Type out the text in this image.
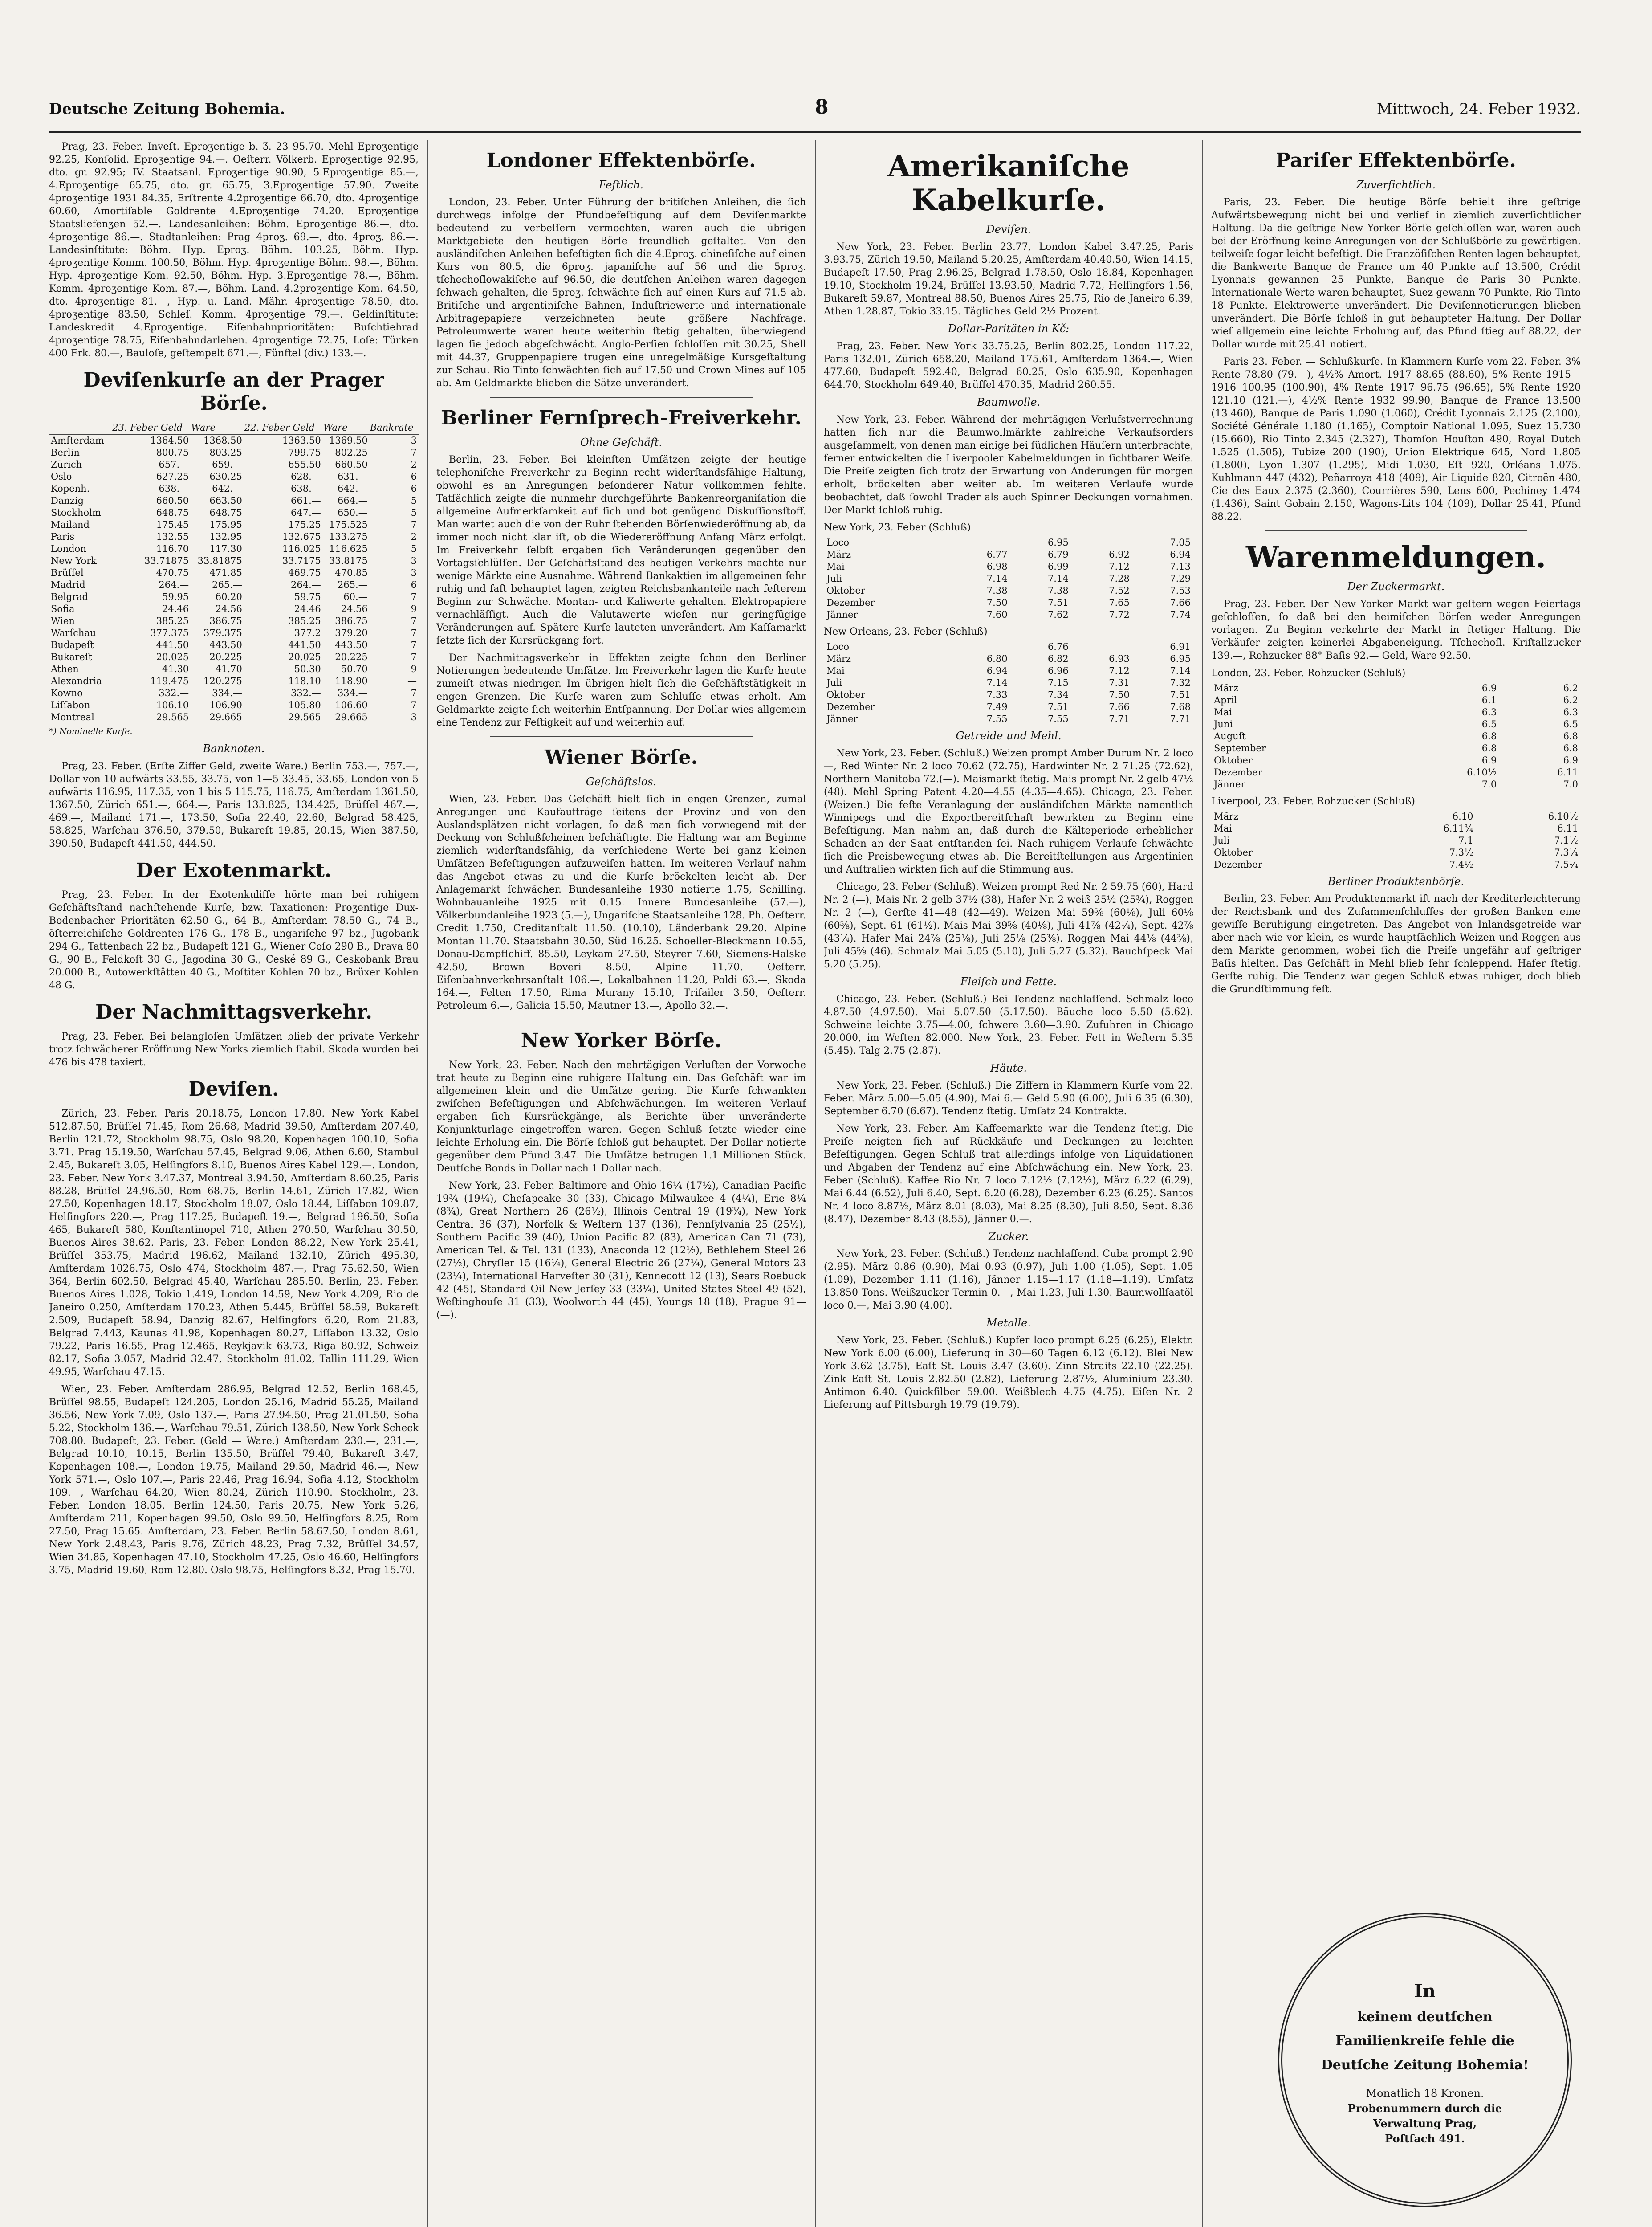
Deutsche Zeitung Bohemia.	8	Mittwoch, 24. Feber 1932.

Prag, 23. Feber. Inveſt. Eproʒentige b. Ʒ. 23 95.70. Mehl Eproʒentige 92.25, Konſolid. Eproʒentige 94.—. Oeſterr. Völkerb. Eproʒentige 92.95, dto. gr. 92.95; IV. Staatsanl. Eproʒentige 90.90, 5.Eproʒentige 85.—, 4.Eproʒentige 65.75, dto. gr. 65.75, 3.Eproʒentige 57.90. Zweite 4proʒentige 1931 84.35, Erſtrente 4.2proʒentige 66.70, dto. 4proʒentige 60.60, Amortiſable Goldrente 4.Eproʒentige 74.20. Eproʒentige Staatsliefenʒen 52.—. Landesanleihen: Böhm. Eproʒentige 86.—, dto. 4proʒentige 86.—. Stadtanleihen: Prag 4proʒ. 69.—, dto. 4proʒ. 86.—. Landesinſtitute: Böhm. Hyp. Eproʒ. Böhm. 103.25, Böhm. Hyp. 4proʒentige Komm. 100.50, Böhm. Hyp. 4proʒentige Böhm. 98.—, Böhm. Hyp. 4proʒentige Kom. 92.50, Böhm. Hyp. 3.Eproʒentige 78.—, Böhm. Komm. 4proʒentige Kom. 87.—, Böhm. Land. 4.2proʒentige Kom. 64.50, dto. 4proʒentige 81.—, Hyp. u. Land. Mähr. 4proʒentige 78.50, dto. 4proʒentige 83.50, Schleſ. Komm. 4proʒentige 79.—. Geldinſtitute: Landeskredit 4.Eproʒentige. Eiſenbahnprioritäten: Buſchtiehrad 4proʒentige 78.75, Eiſenbahndarlehen. 4proʒentige 72.75, Loſe: Türken 400 Frk. 80.—, Bauloſe, geſtempelt 671.—, Fünftel (div.) 133.—.

Deviſenkurſe an der Prager Börſe.
	23. Feber Geld	Ware	22. Feber Geld	Ware	Bankrate
Amſterdam	1364.50	1368.50	1363.50	1369.50	3
Berlin	800.75	803.25	799.75	802.25	7
Zürich	657.—	659.—	655.50	660.50	2
Oslo	627.25	630.25	628.—	631.—	6
Kopenh.	638.—	642.—	638.—	642.—	6
Danzig	660.50	663.50	661.—	664.—	5
Stockholm	648.75	648.75	647.—	650.—	5
Mailand	175.45	175.95	175.25	175.525	7
Paris	132.55	132.95	132.675	133.275	2
London	116.70	117.30	116.025	116.625	5
New York	33.71875	33.81875	33.7175	33.8175	3
Brüſſel	470.75	471.85	469.75	470.85	3
Madrid	264.—	265.—	264.—	265.—	6
Belgrad	59.95	60.20	59.75	60.—	7
Sofia	24.46	24.56	24.46	24.56	9
Wien	385.25	386.75	385.25	386.75	7
Warſchau	377.375	379.375	377.2	379.20	7
Budapeſt	441.50	443.50	441.50	443.50	7
Bukareſt	20.025	20.225	20.025	20.225	7
Athen	41.30	41.70	50.30	50.70	9
Alexandria	119.475	120.275	118.10	118.90	—
Kowno	332.—	334.—	332.—	334.—	7
Liſſabon	106.10	106.90	105.80	106.60	7
Montreal	29.565	29.665	29.565	29.665	3
*) Nominelle Kurſe.
Banknoten.

Prag, 23. Feber. (Erſte Ziffer Geld, zweite Ware.) Berlin 753.—, 757.—, Dollar von 10 aufwärts 33.55, 33.75, von 1—5 33.45, 33.65, London von 5 aufwärts 116.95, 117.35, von 1 bis 5 115.75, 116.75, Amſterdam 1361.50, 1367.50, Zürich 651.—, 664.—, Paris 133.825, 134.425, Brüſſel 467.—, 469.—, Mailand 171.—, 173.50, Sofia 22.40, 22.60, Belgrad 58.425, 58.825, Warſchau 376.50, 379.50, Bukareſt 19.85, 20.15, Wien 387.50, 390.50, Budapeſt 441.50, 444.50.

Der Exotenmarkt.

Prag, 23. Feber. In der Exotenkuliſſe hörte man bei ruhigem Geſchäftsſtand nachſtehende Kurſe, bzw. Taxationen: Proʒentige Dux-Bodenbacher Prioritäten 62.50 G., 64 B., Amſterdam 78.50 G., 74 B., öſterreichiſche Goldrenten 176 G., 178 B., ungariſche 97 bz., Jugobank 294 G., Tattenbach 22 bz., Budapeſt 121 G., Wiener Coſo 290 B., Drava 80 G., 90 B., Feldkoſt 30 G., Jagodina 30 G., Ceské 89 G., Ceskobank Brau 20.000 B., Autowerkſtätten 40 G., Moſtiter Kohlen 70 bz., Brüxer Kohlen 48 G.

Der Nachmittagsverkehr.

Prag, 23. Feber. Bei belangloſen Umſätzen blieb der private Verkehr trotz ſchwächerer Eröffnung New Yorks ziemlich ſtabil. Skoda wurden bei 476 bis 478 taxiert.

Deviſen.

Zürich, 23. Feber. Paris 20.18.75, London 17.80. New York Kabel 512.87.50, Brüſſel 71.45, Rom 26.68, Madrid 39.50, Amſterdam 207.40, Berlin 121.72, Stockholm 98.75, Oslo 98.20, Kopenhagen 100.10, Sofia 3.71. Prag 15.19.50, Warſchau 57.45, Belgrad 9.06, Athen 6.60, Stambul 2.45, Bukareſt 3.05, Helſingfors 8.10, Buenos Aires Kabel 129.—. London, 23. Feber. New York 3.47.37, Montreal 3.94.50, Amſterdam 8.60.25, Paris 88.28, Brüſſel 24.96.50, Rom 68.75, Berlin 14.61, Zürich 17.82, Wien 27.50, Kopenhagen 18.17, Stockholm 18.07, Oslo 18.44, Liſſabon 109.87, Helſingfors 220.—, Prag 117.25, Budapeſt 19.—, Belgrad 196.50, Sofia 465, Bukareſt 580, Konſtantinopel 710, Athen 270.50, Warſchau 30.50, Buenos Aires 38.62. Paris, 23. Feber. London 88.22, New York 25.41, Brüſſel 353.75, Madrid 196.62, Mailand 132.10, Zürich 495.30, Amſterdam 1026.75, Oslo 474, Stockholm 487.—, Prag 75.62.50, Wien 364, Berlin 602.50, Belgrad 45.40, Warſchau 285.50. Berlin, 23. Feber. Buenos Aires 1.028, Tokio 1.419, London 14.59, New York 4.209, Rio de Janeiro 0.250, Amſterdam 170.23, Athen 5.445, Brüſſel 58.59, Bukareſt 2.509, Budapeſt 58.94, Danzig 82.67, Helſingfors 6.20, Rom 21.83, Belgrad 7.443, Kaunas 41.98, Kopenhagen 80.27, Liſſabon 13.32, Oslo 79.22, Paris 16.55, Prag 12.465, Reykjavik 63.73, Riga 80.92, Schweiz 82.17, Sofia 3.057, Madrid 32.47, Stockholm 81.02, Tallin 111.29, Wien 49.95, Warſchau 47.15.

Wien, 23. Feber. Amſterdam 286.95, Belgrad 12.52, Berlin 168.45, Brüſſel 98.55, Budapeſt 124.205, London 25.16, Madrid 55.25, Mailand 36.56, New York 7.09, Oslo 137.—, Paris 27.94.50, Prag 21.01.50, Sofia 5.22, Stockholm 136.—, Warſchau 79.51, Zürich 138.50, New York Scheck 708.80. Budapeſt, 23. Feber. (Geld — Ware.) Amſterdam 230.—, 231.—, Belgrad 10.10, 10.15, Berlin 135.50, Brüſſel 79.40, Bukareſt 3.47, Kopenhagen 108.—, London 19.75, Mailand 29.50, Madrid 46.—, New York 571.—, Oslo 107.—, Paris 22.46, Prag 16.94, Sofia 4.12, Stockholm 109.—, Warſchau 64.20, Wien 80.24, Zürich 110.90. Stockholm, 23. Feber. London 18.05, Berlin 124.50, Paris 20.75, New York 5.26, Amſterdam 211, Kopenhagen 99.50, Oslo 99.50, Helſingfors 8.25, Rom 27.50, Prag 15.65. Amſterdam, 23. Feber. Berlin 58.67.50, London 8.61, New York 2.48.43, Paris 9.76, Zürich 48.23, Prag 7.32, Brüſſel 34.57, Wien 34.85, Kopenhagen 47.10, Stockholm 47.25, Oslo 46.60, Helſingfors 3.75, Madrid 19.60, Rom 12.80. Oslo 98.75, Helſingfors 8.32, Prag 15.70.

Londoner Effektenbörſe.
Feſtlich.

London, 23. Feber. Unter Führung der britiſchen Anleihen, die ſich durchwegs infolge der Pfundbefeſtigung auf dem Deviſenmarkte bedeutend zu verbeſſern vermochten, waren auch die übrigen Marktgebiete den heutigen Börſe freundlich geſtaltet. Von den ausländiſchen Anleihen befeſtigten ſich die 4.Eproʒ. chineſiſche auf einen Kurs von 80.5, die 6proʒ. japaniſche auf 56 und die 5proʒ. tſchechoſlowakiſche auf 96.50, die deutſchen Anleihen waren dagegen ſchwach gehalten, die 5proʒ. ſchwächte ſich auf einen Kurs auf 71.5 ab. Britiſche und argentiniſche Bahnen, Induſtriewerte und internationale Arbitragepapiere verzeichneten heute größere Nachfrage. Petroleumwerte waren heute weiterhin ſtetig gehalten, überwiegend lagen ſie jedoch abgeſchwächt. Anglo-Perſien ſchloſſen mit 30.25, Shell mit 44.37, Gruppenpapiere trugen eine unregelmäßige Kursgeſtaltung zur Schau. Rio Tinto ſchwächten ſich auf 17.50 und Crown Mines auf 105 ab. Am Geldmarkte blieben die Sätze unverändert.

Berliner Fernſprech-Freiverkehr.
Ohne Geſchäft.

Berlin, 23. Feber. Bei kleinſten Umſätzen zeigte der heutige telephoniſche Freiverkehr zu Beginn recht widerſtandsfähige Haltung, obwohl es an Anregungen beſonderer Natur vollkommen fehlte. Tatſächlich zeigte die nunmehr durchgeführte Bankenreorganiſation die allgemeine Aufmerkſamkeit auf ſich und bot genügend Diskuſſionsſtoff. Man wartet auch die von der Ruhr ſtehenden Börſenwiederöffnung ab, da immer noch nicht klar iſt, ob die Wiedereröffnung Anfang März erfolgt. Im Freiverkehr ſelbſt ergaben ſich Veränderungen gegenüber den Vortagsſchlüſſen. Der Geſchäftsſtand des heutigen Verkehrs machte nur wenige Märkte eine Ausnahme. Während Bankaktien im allgemeinen ſehr ruhig und faſt behauptet lagen, zeigten Reichsbankanteile nach feſterem Beginn zur Schwäche. Montan- und Kaliwerte gehalten. Elektropapiere vernachläſſigt. Auch die Valutawerte wieſen nur geringfügige Veränderungen auf. Spätere Kurſe lauteten unverändert. Am Kaſſamarkt ſetzte ſich der Kursrückgang fort.

Der Nachmittagsverkehr in Effekten zeigte ſchon den Berliner Notierungen bedeutende Umſätze. Im Freiverkehr lagen die Kurſe heute zumeiſt etwas niedriger. Im übrigen hielt ſich die Geſchäftstätigkeit in engen Grenzen. Die Kurſe waren zum Schluſſe etwas erholt. Am Geldmarkte zeigte ſich weiterhin Entſpannung. Der Dollar wies allgemein eine Tendenz zur Feſtigkeit auf und weiterhin auf.

Wiener Börſe.
Geſchäftslos.

Wien, 23. Feber. Das Geſchäft hielt ſich in engen Grenzen, zumal Anregungen und Kaufaufträge ſeitens der Provinz und von den Auslandsplätzen nicht vorlagen, ſo daß man ſich vorwiegend mit der Deckung von Schlußſcheinen beſchäftigte. Die Haltung war am Beginne ziemlich widerſtandsfähig, da verſchiedene Werte bei ganz kleinen Umſätzen Befeſtigungen aufzuweiſen hatten. Im weiteren Verlauf nahm das Angebot etwas zu und die Kurſe bröckelten leicht ab. Der Anlagemarkt ſchwächer. Bundesanleihe 1930 notierte 1.75, Schilling. Wohnbauanleihe 1925 mit 0.15. Innere Bundesanleihe (57.—), Völkerbundanleihe 1923 (5.—), Ungariſche Staatsanleihe 128. Ph. Oeſterr. Credit 1.750, Creditanſtalt 11.50. (10.10), Länderbank 29.20. Alpine Montan 11.70. Staatsbahn 30.50, Süd 16.25. Schoeller-Bleckmann 10.55, Donau-Dampfſchiff. 85.50, Leykam 27.50, Steyrer 7.60, Siemens-Halske 42.50, Brown Boveri 8.50, Alpine 11.70, Oeſterr. Eiſenbahnverkehrsanſtalt 106.—, Lokalbahnen 11.20, Poldi 63.—, Skoda 164.—, Felten 17.50, Rima Murany 15.10, Trifailer 3.50, Oeſterr. Petroleum 6.—, Galicia 15.50, Mautner 13.—, Apollo 32.—.

New Yorker Börſe.

New York, 23. Feber. Nach den mehrtägigen Verluſten der Vorwoche trat heute zu Beginn eine ruhigere Haltung ein. Das Geſchäft war im allgemeinen klein und die Umſätze gering. Die Kurſe ſchwankten zwiſchen Befeſtigungen und Abſchwächungen. Im weiteren Verlauf ergaben ſich Kursrückgänge, als Berichte über unveränderte Konjunkturlage eingetroffen waren. Gegen Schluß ſetzte wieder eine leichte Erholung ein. Die Börſe ſchloß gut behauptet. Der Dollar notierte gegenüber dem Pfund 3.47. Die Umſätze betrugen 1.1 Millionen Stück. Deutſche Bonds in Dollar nach 1 Dollar nach.

New York, 23. Feber. Baltimore and Ohio 16¼ (17½), Canadian Pacific 19¾ (19¼), Cheſapeake 30 (33), Chicago Milwaukee 4 (4¼), Erie 8¼ (8¾), Great Northern 26 (26½), Illinois Central 19 (19¾), New York Central 36 (37), Norfolk & Weſtern 137 (136), Pennſylvania 25 (25½), Southern Pacific 39 (40), Union Pacific 82 (83), American Can 71 (73), American Tel. & Tel. 131 (133), Anaconda 12 (12½), Bethlehem Steel 26 (27½), Chryſler 15 (16¼), General Electric 26 (27¼), General Motors 23 (23¼), International Harveſter 30 (31), Kennecott 12 (13), Sears Roebuck 42 (45), Standard Oil New Jerſey 33 (33¼), United States Steel 49 (52), Weſtinghouſe 31 (33), Woolworth 44 (45), Youngs 18 (18), Prague 91—(—).

Amerikaniſche Kabelkurſe.
Deviſen.

New York, 23. Feber. Berlin 23.77, London Kabel 3.47.25, Paris 3.93.75, Zürich 19.50, Mailand 5.20.25, Amſterdam 40.40.50, Wien 14.15, Budapeſt 17.50, Prag 2.96.25, Belgrad 1.78.50, Oslo 18.84, Kopenhagen 19.10, Stockholm 19.24, Brüſſel 13.93.50, Madrid 7.72, Helſingfors 1.56, Bukareſt 59.87, Montreal 88.50, Buenos Aires 25.75, Rio de Janeiro 6.39, Athen 1.28.87, Tokio 33.15. Tägliches Geld 2½ Prozent.

Dollar-Paritäten in Kč:

Prag, 23. Feber. New York 33.75.25, Berlin 802.25, London 117.22, Paris 132.01, Zürich 658.20, Mailand 175.61, Amſterdam 1364.—, Wien 477.60, Budapeſt 592.40, Belgrad 60.25, Oslo 635.90, Kopenhagen 644.70, Stockholm 649.40, Brüſſel 470.35, Madrid 260.55.

Baumwolle.

New York, 23. Feber. Während der mehrtägigen Verlufstverrechnung hatten ſich nur die Baumwollmärkte zahlreiche Verkaufsorders ausgeſammelt, von denen man einige bei ſüdlichen Häuſern unterbrachte, ferner entwickelten die Liverpooler Kabelmeldungen in ſichtbarer Weiſe. Die Preiſe zeigten ſich trotz der Erwartung von Anderungen für morgen erholt, bröckelten aber weiter ab. Im weiteren Verlaufe wurde beobachtet, daß ſowohl Trader als auch Spinner Deckungen vornahmen. Der Markt ſchloß ruhig.

New York, 23. Feber (Schluß)
Loco		6.95		7.05
März	6.77	6.79	6.92	6.94
Mai	6.98	6.99	7.12	7.13
Juli	7.14	7.14	7.28	7.29
Oktober	7.38	7.38	7.52	7.53
Dezember	7.50	7.51	7.65	7.66
Jänner	7.60	7.62	7.72	7.74
New Orleans, 23. Feber (Schluß)
Loco		6.76		6.91
März	6.80	6.82	6.93	6.95
Mai	6.94	6.96	7.12	7.14
Juli	7.14	7.15	7.31	7.32
Oktober	7.33	7.34	7.50	7.51
Dezember	7.49	7.51	7.66	7.68
Jänner	7.55	7.55	7.71	7.71
Getreide und Mehl.

New York, 23. Feber. (Schluß.) Weizen prompt Amber Durum Nr. 2 loco —, Red Winter Nr. 2 loco 70.62 (72.75), Hardwinter Nr. 2 71.25 (72.62), Northern Manitoba 72.(—). Maismarkt ſtetig. Mais prompt Nr. 2 gelb 47½ (48). Mehl Spring Patent 4.20—4.55 (4.35—4.65). Chicago, 23. Feber. (Weizen.) Die feſte Veranlagung der ausländiſchen Märkte namentlich Winnipegs und die Exportbereitſchaft bewirkten zu Beginn eine Befeſtigung. Man nahm an, daß durch die Kälteperiode erheblicher Schaden an der Saat entſtanden ſei. Nach ruhigem Verlaufe ſchwächte ſich die Preisbewegung etwas ab. Die Bereitſtellungen aus Argentinien und Auſtralien wirkten ſich auf die Stimmung aus.

Chicago, 23. Feber (Schluß). Weizen prompt Red Nr. 2 59.75 (60), Hard Nr. 2 (—), Mais Nr. 2 gelb 37½ (38), Hafer Nr. 2 weiß 25½ (25¾), Roggen Nr. 2 (—), Gerſte 41—48 (42—49). Weizen Mai 59⅝ (60⅛), Juli 60⅛ (60⅝), Sept. 61 (61½). Mais Mai 39⅝ (40⅛), Juli 41⅞ (42¼), Sept. 42⅞ (43¼). Hafer Mai 24⅞ (25⅛), Juli 25⅛ (25⅜). Roggen Mai 44⅛ (44⅜), Juli 45⅝ (46). Schmalz Mai 5.05 (5.10), Juli 5.27 (5.32). Bauchſpeck Mai 5.20 (5.25).

Fleiſch und Fette.

Chicago, 23. Feber. (Schluß.) Bei Tendenz nachlaſſend. Schmalz loco 4.87.50 (4.97.50), Mai 5.07.50 (5.17.50). Bäuche loco 5.50 (5.62). Schweine leichte 3.75—4.00, ſchwere 3.60—3.90. Zufuhren in Chicago 20.000, im Weſten 82.000. New York, 23. Feber. Fett in Weſtern 5.35 (5.45). Talg 2.75 (2.87).

Häute.

New York, 23. Feber. (Schluß.) Die Ziffern in Klammern Kurſe vom 22. Feber. März 5.00—5.05 (4.90), Mai 6.— Geld 5.90 (6.00), Juli 6.35 (6.30), September 6.70 (6.67). Tendenz ſtetig. Umſatz 24 Kontrakte.

New York, 23. Feber. Am Kaffeemarkte war die Tendenz ſtetig. Die Preiſe neigten ſich auf Rückkäufe und Deckungen zu leichten Befeſtigungen. Gegen Schluß trat allerdings infolge von Liquidationen und Abgaben der Tendenz auf eine Abſchwächung ein. New York, 23. Feber (Schluß). Kaffee Rio Nr. 7 loco 7.12½ (7.12½), März 6.22 (6.29), Mai 6.44 (6.52), Juli 6.40, Sept. 6.20 (6.28), Dezember 6.23 (6.25). Santos Nr. 4 loco 8.87½, März 8.01 (8.03), Mai 8.25 (8.30), Juli 8.50, Sept. 8.36 (8.47), Dezember 8.43 (8.55), Jänner 0.—.

Zucker.

New York, 23. Feber. (Schluß.) Tendenz nachlaſſend. Cuba prompt 2.90 (2.95). März 0.86 (0.90), Mai 0.93 (0.97), Juli 1.00 (1.05), Sept. 1.05 (1.09), Dezember 1.11 (1.16), Jänner 1.15—1.17 (1.18—1.19). Umſatz 13.850 Tons. Weißzucker Termin 0.—, Mai 1.23, Juli 1.30. Baumwollſaatöl loco 0.—, Mai 3.90 (4.00).

Metalle.

New York, 23. Feber. (Schluß.) Kupfer loco prompt 6.25 (6.25), Elektr. New York 6.00 (6.00), Lieferung in 30—60 Tagen 6.12 (6.12). Blei New York 3.62 (3.75), Eaſt St. Louis 3.47 (3.60). Zinn Straits 22.10 (22.25). Zink Eaſt St. Louis 2.82.50 (2.82), Lieferung 2.87½, Aluminium 23.30. Antimon 6.40. Quickſilber 59.00. Weißblech 4.75 (4.75), Eiſen Nr. 2 Lieferung auf Pittsburgh 19.79 (19.79).

Pariſer Effektenbörſe.
Zuverſichtlich.

Paris, 23. Feber. Die heutige Börſe behielt ihre geſtrige Aufwärtsbewegung nicht bei und verlief in ziemlich zuverſichtlicher Haltung. Da die geſtrige New Yorker Börſe geſchloſſen war, waren auch bei der Eröffnung keine Anregungen von der Schlußbörſe zu gewärtigen, teilweiſe ſogar leicht befeſtigt. Die Franzöſiſchen Renten lagen behauptet, die Bankwerte Banque de France um 40 Punkte auf 13.500, Crédit Lyonnais gewannen 25 Punkte, Banque de Paris 30 Punkte. Internationale Werte waren behauptet, Suez gewann 70 Punkte, Rio Tinto 18 Punkte. Elektrowerte unverändert. Die Deviſennotierungen blieben unverändert. Die Börſe ſchloß in gut behaupteter Haltung. Der Dollar wieſ allgemein eine leichte Erholung auf, das Pfund ſtieg auf 88.22, der Dollar wurde mit 25.41 notiert.

Paris 23. Feber. — Schlußkurſe. In Klammern Kurſe vom 22. Feber. 3% Rente 78.80 (79.—), 4½% Amort. 1917 88.65 (88.60), 5% Rente 1915—1916 100.95 (100.90), 4% Rente 1917 96.75 (96.65), 5% Rente 1920 121.10 (121.—), 4½% Rente 1932 99.90, Banque de France 13.500 (13.460), Banque de Paris 1.090 (1.060), Crédit Lyonnais 2.125 (2.100), Société Générale 1.180 (1.165), Comptoir National 1.095, Suez 15.730 (15.660), Rio Tinto 2.345 (2.327), Thomſon Houſton 490, Royal Dutch 1.525 (1.505), Tubize 200 (190), Union Elektrique 645, Nord 1.805 (1.800), Lyon 1.307 (1.295), Midi 1.030, Eſt 920, Orléans 1.075, Kuhlmann 447 (432), Peñarroya 418 (409), Air Liquide 820, Citroën 480, Cie des Eaux 2.375 (2.360), Courrières 590, Lens 600, Pechiney 1.474 (1.436), Saint Gobain 2.150, Wagons-Lits 104 (109), Dollar 25.41, Pfund 88.22.

Warenmeldungen.
Der Zuckermarkt.

Prag, 23. Feber. Der New Yorker Markt war geſtern wegen Feiertags geſchloſſen, ſo daß bei den heimiſchen Börſen weder Anregungen vorlagen. Zu Beginn verkehrte der Markt in ſtetiger Haltung. Die Verkäufer zeigten keinerlei Abgabeneigung. Tſchechoſl. Kriſtallzucker 139.—, Rohzucker 88° Baſis 92.— Geld, Ware 92.50.

London, 23. Feber. Rohzucker (Schluß)
März	6.9	6.2
April	6.1	6.2
Mai	6.3	6.3
Juni	6.5	6.5
Auguſt	6.8	6.8
September	6.8	6.8
Oktober	6.9	6.9
Dezember	6.10½	6.11
Jänner	7.0	7.0
Liverpool, 23. Feber. Rohzucker (Schluß)
März	6.10	6.10½
Mai	6.11¾	6.11
Juli	7.1	7.1½
Oktober	7.3½	7.3¼
Dezember	7.4½	7.5¼
Berliner Produktenbörſe.

Berlin, 23. Feber. Am Produktenmarkt iſt nach der Krediterleichterung der Reichsbank und des Zuſammenſchluſſes der großen Banken eine gewiſſe Beruhigung eingetreten. Das Angebot von Inlandsgetreide war aber nach wie vor klein, es wurde hauptſächlich Weizen und Roggen aus dem Markte genommen, wobei ſich die Preiſe ungefähr auf geſtriger Baſis hielten. Das Geſchäft in Mehl blieb ſehr ſchleppend. Hafer ſtetig. Gerſte ruhig. Die Tendenz war gegen Schluß etwas ruhiger, doch blieb die Grundſtimmung feſt.

In
keinem deutſchen
Familienkreiſe fehle die
Deutſche Zeitung Bohemia!
Monatlich 18 Kronen.
Probenummern durch die
Verwaltung Prag,
Poſtfach 491.
